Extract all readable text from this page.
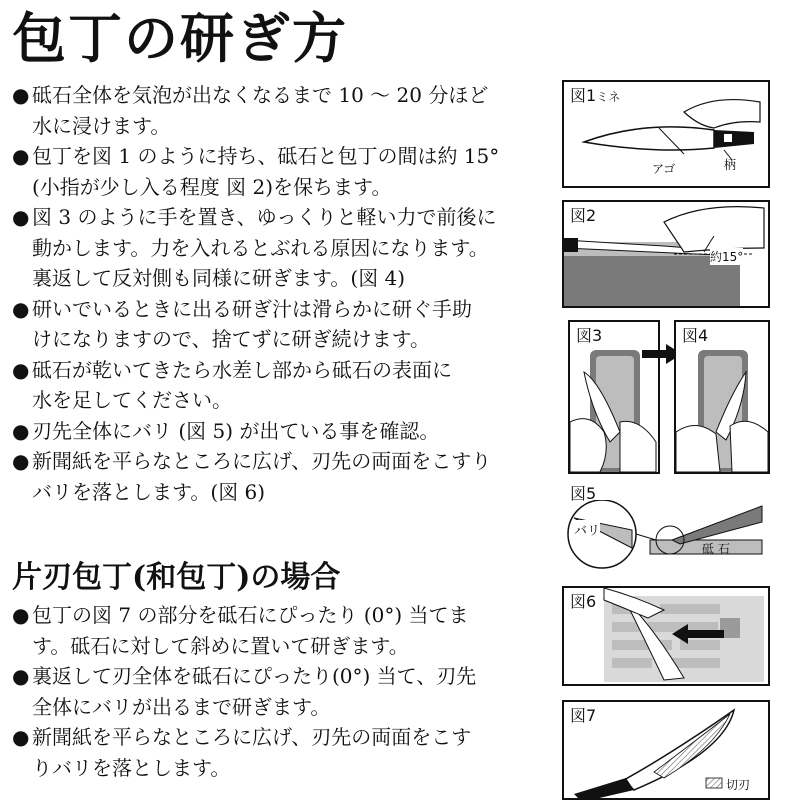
包丁の研ぎ方
● 砥石全体を気泡が出なくなるまで 10 〜 20 分ほど
水に浸けます。
● 包丁を図 1 のように持ち、砥石と包丁の間は約 15°
(小指が少し入る程度 図 2)を保ちます。
● 図 3 のように手を置き、ゆっくりと軽い力で前後に
動かします。力を入れるとぶれる原因になります。
裏返して反対側も同様に研ぎます。(図 4)
● 研いでいるときに出る研ぎ汁は滑らかに研ぐ手助
けになりますので、捨てずに研ぎ続けます。
● 砥石が乾いてきたら水差し部から砥石の表面に
水を足してください。
● 刃先全体にバリ (図 5) が出ている事を確認。
● 新聞紙を平らなところに広げ、刃先の両面をこすり
バリを落とします。(図 6)
片刃包丁(和包丁)の場合
● 包丁の図 7 の部分を砥石にぴったり (0°) 当てま
す。砥石に対して斜めに置いて研ぎます。
● 裏返して刃全体を砥石にぴったり(0°) 当て、刃先
全体にバリが出るまで研ぎます。
● 新聞紙を平らなところに広げ、刃先の両面をこす
りバリを落とします。
図1ミネ
アゴ	柄
図2
約15°
図3	図4
図5
バリ
砥 石
図6
図7
切刃
